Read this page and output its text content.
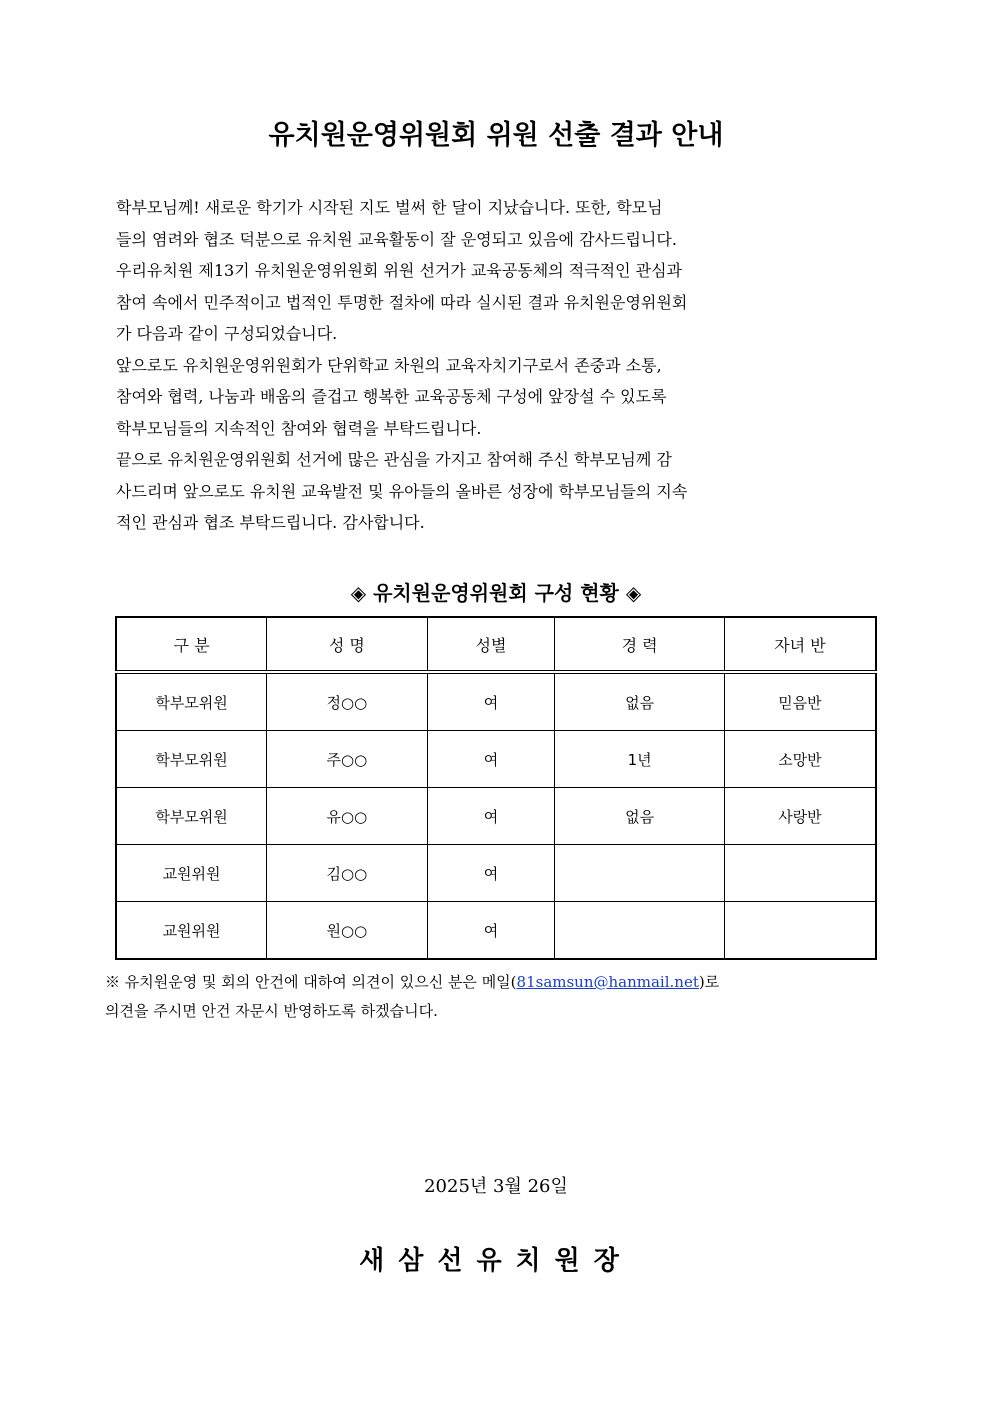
유치원운영위원회 위원 선출 결과 안내
학부모님께! 새로운 학기가 시작된 지도 벌써 한 달이 지났습니다. 또한, 학모님
들의 염려와 협조 덕분으로 유치원 교육활동이 잘 운영되고 있음에 감사드립니다.
우리유치원 제13기 유치원운영위원회 위원 선거가 교육공동체의 적극적인 관심과
참여 속에서 민주적이고 법적인 투명한 절차에 따라 실시된 결과 유치원운영위원회
가 다음과 같이 구성되었습니다.
앞으로도 유치원운영위원회가 단위학교 차원의 교육자치기구로서 존중과 소통,
참여와 협력, 나눔과 배움의 즐겁고 행복한 교육공동체 구성에 앞장설 수 있도록
학부모님들의 지속적인 참여와 협력을 부탁드립니다.
끝으로 유치원운영위원회 선거에 많은 관심을 가지고 참여해 주신 학부모님께 감
사드리며 앞으로도 유치원 교육발전 및 유아들의 올바른 성장에 학부모님들의 지속
적인 관심과 협조 부탁드립니다. 감사합니다.
◈ 유치원운영위원회 구성 현황 ◈
구 분	성 명	성별	경 력	자녀 반
학부모위원	정○○	여	없음	믿음반
학부모위원	주○○	여	1년	소망반
학부모위원	유○○	여	없음	사랑반
교원위원	김○○	여		
교원위원	원○○	여		
※ 유치원운영 및 회의 안건에 대하여 의견이 있으신 분은 메일(81samsun@hanmail.net)로
의견을 주시면 안건 자문시 반영하도록 하겠습니다.
2025년 3월 26일
새삼선유치원장
